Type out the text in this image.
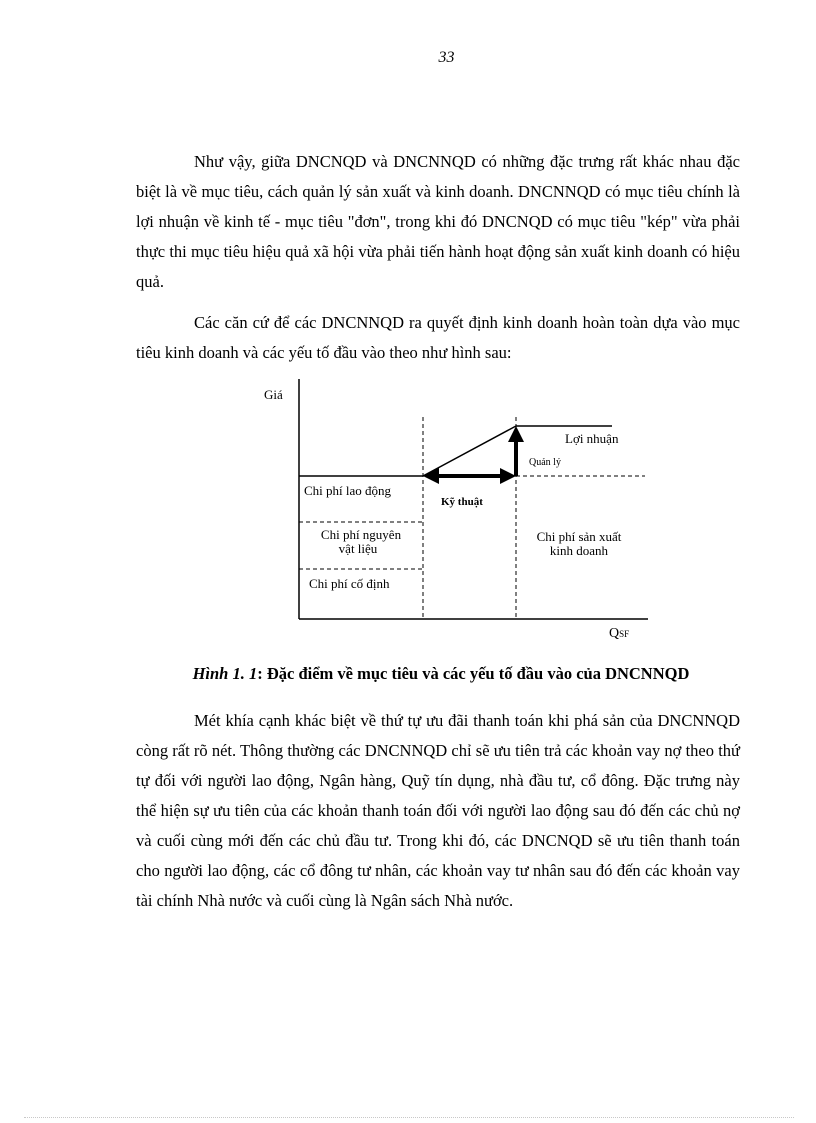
33

Như vậy, giữa DNCNQD và DNCNNQD có những đặc trưng rất khác nhau đặc biệt là về mục tiêu, cách quản lý sản xuất và kinh doanh. DNCNNQD có mục tiêu chính là lợi nhuận về kinh tế - mục tiêu "đơn", trong khi đó DNCNQD có mục tiêu "kép" vừa phải thực thi mục tiêu hiệu quả xã hội vừa phải tiến hành hoạt động sản xuất kinh doanh có hiệu quả.

Các căn cứ để các DNCNNQD ra quyết định kinh doanh hoàn toàn dựa vào mục tiêu kinh doanh và các yếu tố đầu vào theo như hình sau:

Giá
Lợi nhuận
Quản lý
Kỹ thuật
Chi phí lao động
Chi phí nguyên
vật liệu
Chi phí cố định
Chi phí sản xuất
kinh doanh
QSF
Hình 1. 1: Đặc điểm về mục tiêu và các yếu tố đầu vào của DNCNNQD

Mét khía cạnh khác biệt về thứ tự ưu đãi thanh toán khi phá sản của DNCNNQD còng rất rõ nét. Thông thường các DNCNNQD chỉ sẽ ưu tiên trả các khoản vay nợ theo thứ tự đối với người lao động, Ngân hàng, Quỹ tín dụng, nhà đầu tư, cổ đông. Đặc trưng này thể hiện sự ưu tiên của các khoản thanh toán đối với người lao động sau đó đến các chủ nợ và cuối cùng mới đến các chủ đầu tư. Trong khi đó, các DNCNQD sẽ ưu tiên thanh toán cho người lao động, các cổ đông tư nhân, các khoản vay tư nhân sau đó đến các khoản vay tài chính Nhà nước và cuối cùng là Ngân sách Nhà nước.
